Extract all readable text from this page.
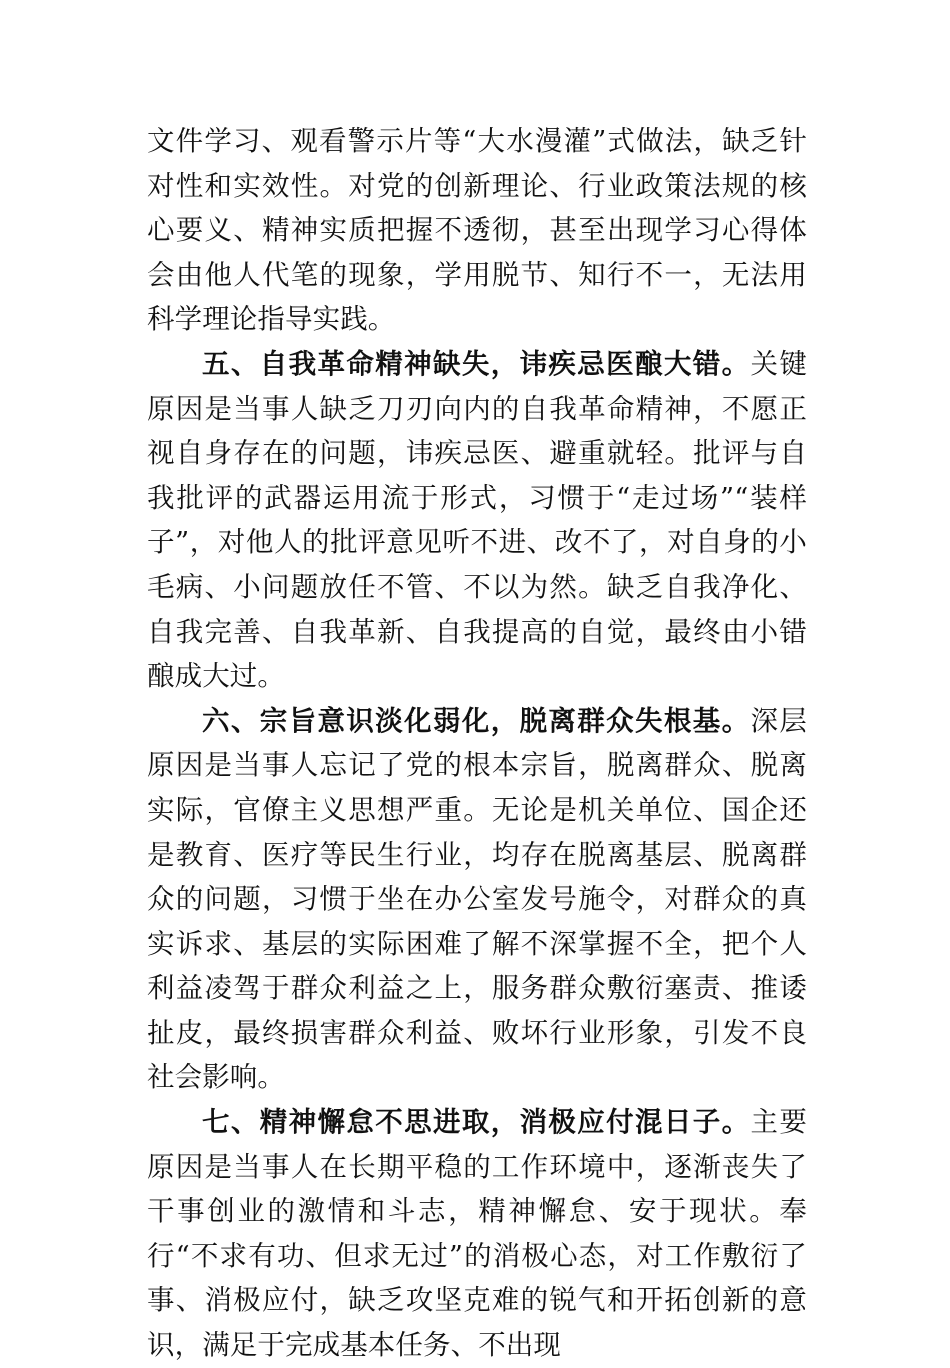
文件学习、观看警示片等“大水漫灌”式做法，缺乏针对性和实效性。对党的创新理论、行业政策法规的核心要义、精神实质把握不透彻，甚至出现学习心得体会由他人代笔的现象，学用脱节、知行不一，无法用科学理论指导实践。

五、自我革命精神缺失，讳疾忌医酿大错。关键原因是当事人缺乏刀刃向内的自我革命精神，不愿正视自身存在的问题，讳疾忌医、避重就轻。批评与自我批评的武器运用流于形式，习惯于“走过场”“装样子”，对他人的批评意见听不进、改不了，对自身的小毛病、小问题放任不管、不以为然。缺乏自我净化、自我完善、自我革新、自我提高的自觉，最终由小错酿成大过。

六、宗旨意识淡化弱化，脱离群众失根基。深层原因是当事人忘记了党的根本宗旨，脱离群众、脱离实际，官僚主义思想严重。无论是机关单位、国企还是教育、医疗等民生行业，均存在脱离基层、脱离群众的问题，习惯于坐在办公室发号施令，对群众的真实诉求、基层的实际困难了解不深掌握不全，把个人利益凌驾于群众利益之上，服务群众敷衍塞责、推诿扯皮，最终损害群众利益、败坏行业形象，引发不良社会影响。

七、精神懈怠不思进取，消极应付混日子。主要原因是当事人在长期平稳的工作环境中，逐渐丧失了干事创业的激情和斗志，精神懈怠、安于现状。奉行“不求有功、但求无过”的消极心态，对工作敷衍了事、消极应付，缺乏攻坚克难的锐气和开拓创新的意识，满足于完成基本任务、不出现
